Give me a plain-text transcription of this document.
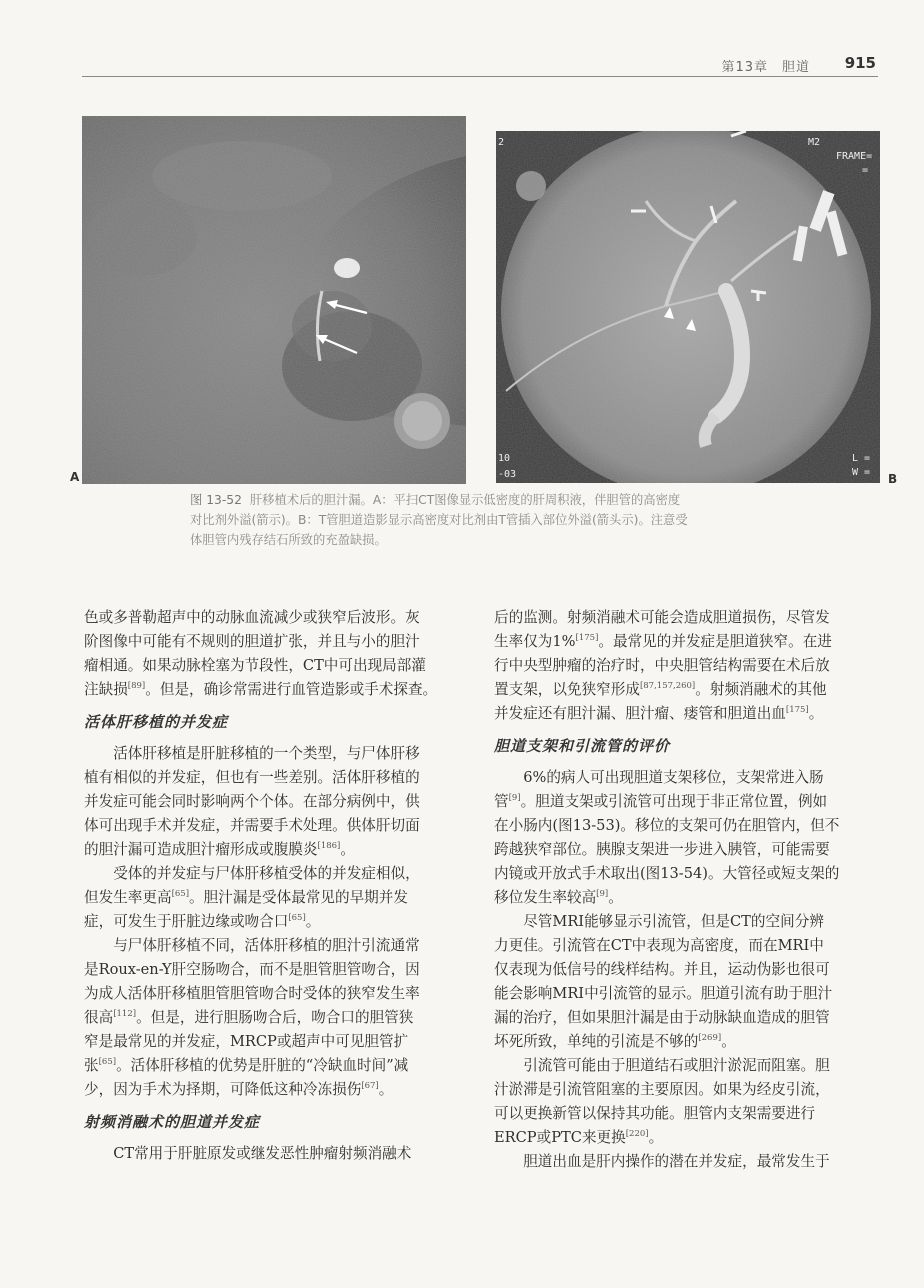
第13章　胆道 915
A
2	M2
FRAME=
=
10
-03
L =
W = B

图 13-52 肝移植术后的胆汁漏。A：平扫CT图像显示低密度的肝周积液，伴胆管的高密度

对比剂外溢(箭示)。B：T管胆道造影显示高密度对比剂由T管插入部位外溢(箭头示)。注意受

体胆管内残存结石所致的充盈缺损。

色或多普勒超声中的动脉血流减少或狭窄后波形。灰

阶图像中可能有不规则的胆道扩张，并且与小的胆汁

瘤相通。如果动脉栓塞为节段性，CT中可出现局部灌

注缺损[89]。但是，确诊常需进行血管造影或手术探查。

活体肝移植的并发症

活体肝移植是肝脏移植的一个类型，与尸体肝移

植有相似的并发症，但也有一些差别。活体肝移植的

并发症可能会同时影响两个个体。在部分病例中，供

体可出现手术并发症，并需要手术处理。供体肝切面

的胆汁漏可造成胆汁瘤形成或腹膜炎[186]。

受体的并发症与尸体肝移植受体的并发症相似，

但发生率更高[65]。胆汁漏是受体最常见的早期并发

症，可发生于肝脏边缘或吻合口[65]。

与尸体肝移植不同，活体肝移植的胆汁引流通常

是Roux-en-Y肝空肠吻合，而不是胆管胆管吻合，因

为成人活体肝移植胆管胆管吻合时受体的狭窄发生率

很高[112]。但是，进行胆肠吻合后，吻合口的胆管狭

窄是最常见的并发症，MRCP或超声中可见胆管扩

张[65]。活体肝移植的优势是肝脏的“冷缺血时间”减

少，因为手术为择期，可降低这种冷冻损伤[67]。

射频消融术的胆道并发症

CT常用于肝脏原发或继发恶性肿瘤射频消融术

后的监测。射频消融术可能会造成胆道损伤，尽管发

生率仅为1%[175]。最常见的并发症是胆道狭窄。在进

行中央型肿瘤的治疗时，中央胆管结构需要在术后放

置支架，以免狭窄形成[87,157,260]。射频消融术的其他

并发症还有胆汁漏、胆汁瘤、瘘管和胆道出血[175]。

胆道支架和引流管的评价

6%的病人可出现胆道支架移位，支架常进入肠

管[9]。胆道支架或引流管可出现于非正常位置，例如

在小肠内(图13-53)。移位的支架可仍在胆管内，但不

跨越狭窄部位。胰腺支架进一步进入胰管，可能需要

内镜或开放式手术取出(图13-54)。大管径或短支架的

移位发生率较高[9]。

尽管MRI能够显示引流管，但是CT的空间分辨

力更佳。引流管在CT中表现为高密度，而在MRI中

仅表现为低信号的线样结构。并且，运动伪影也很可

能会影响MRI中引流管的显示。胆道引流有助于胆汁

漏的治疗，但如果胆汁漏是由于动脉缺血造成的胆管

坏死所致，单纯的引流是不够的[269]。

引流管可能由于胆道结石或胆汁淤泥而阻塞。胆

汁淤滞是引流管阻塞的主要原因。如果为经皮引流，

可以更换新管以保持其功能。胆管内支架需要进行

ERCP或PTC来更换[220]。

胆道出血是肝内操作的潜在并发症，最常发生于
